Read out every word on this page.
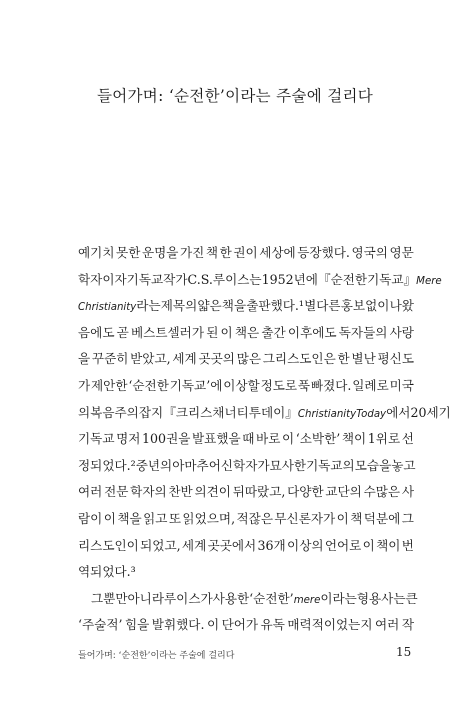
들어가며: ‘순전한’이라는 주술에 걸리다
예기치 못한 운명을 가진 책 한 권이 세상에 등장했다. 영국의 영문
학자이자 기독교 작가 C. S. 루이스는 1952년에 『순전한 기독교』Mere
Christianity라는 제목의 얇은 책을 출판했다.¹ 별다른 홍보 없이 나왔
음에도 곧 베스트셀러가 된 이 책은 출간 이후에도 독자들의 사랑
을 꾸준히 받았고, 세계 곳곳의 많은 그리스도인은 한 별난 평신도
가 제안한 ‘순전한 기독교’에 이상할 정도로 푹 빠졌다. 일례로 미국
의 복음주의 잡지 『크리스채너티 투데이』Christianity Today에서 20세기
기독교 명저 100권을 발표했을 때 바로 이 ‘소박한’ 책이 1위로 선
정되었다.² 중년의 아마추어 신학자가 묘사한 기독교의 모습을 놓고
여러 전문 학자의 찬반 의견이 뒤따랐고, 다양한 교단의 수많은 사
람이 이 책을 읽고 또 읽었으며, 적잖은 무신론자가 이 책 덕분에 그
리스도인이 되었고, 세계 곳곳에서 36개 이상의 언어로 이 책이 번
역되었다.³
그뿐만 아니라 루이스가 사용한 ‘순전한’mere이라는 형용사는 큰
‘주술적’ 힘을 발휘했다. 이 단어가 유독 매력적이었는지 여러 작
들어가며: ‘순전한’이라는 주술에 걸리다	15
